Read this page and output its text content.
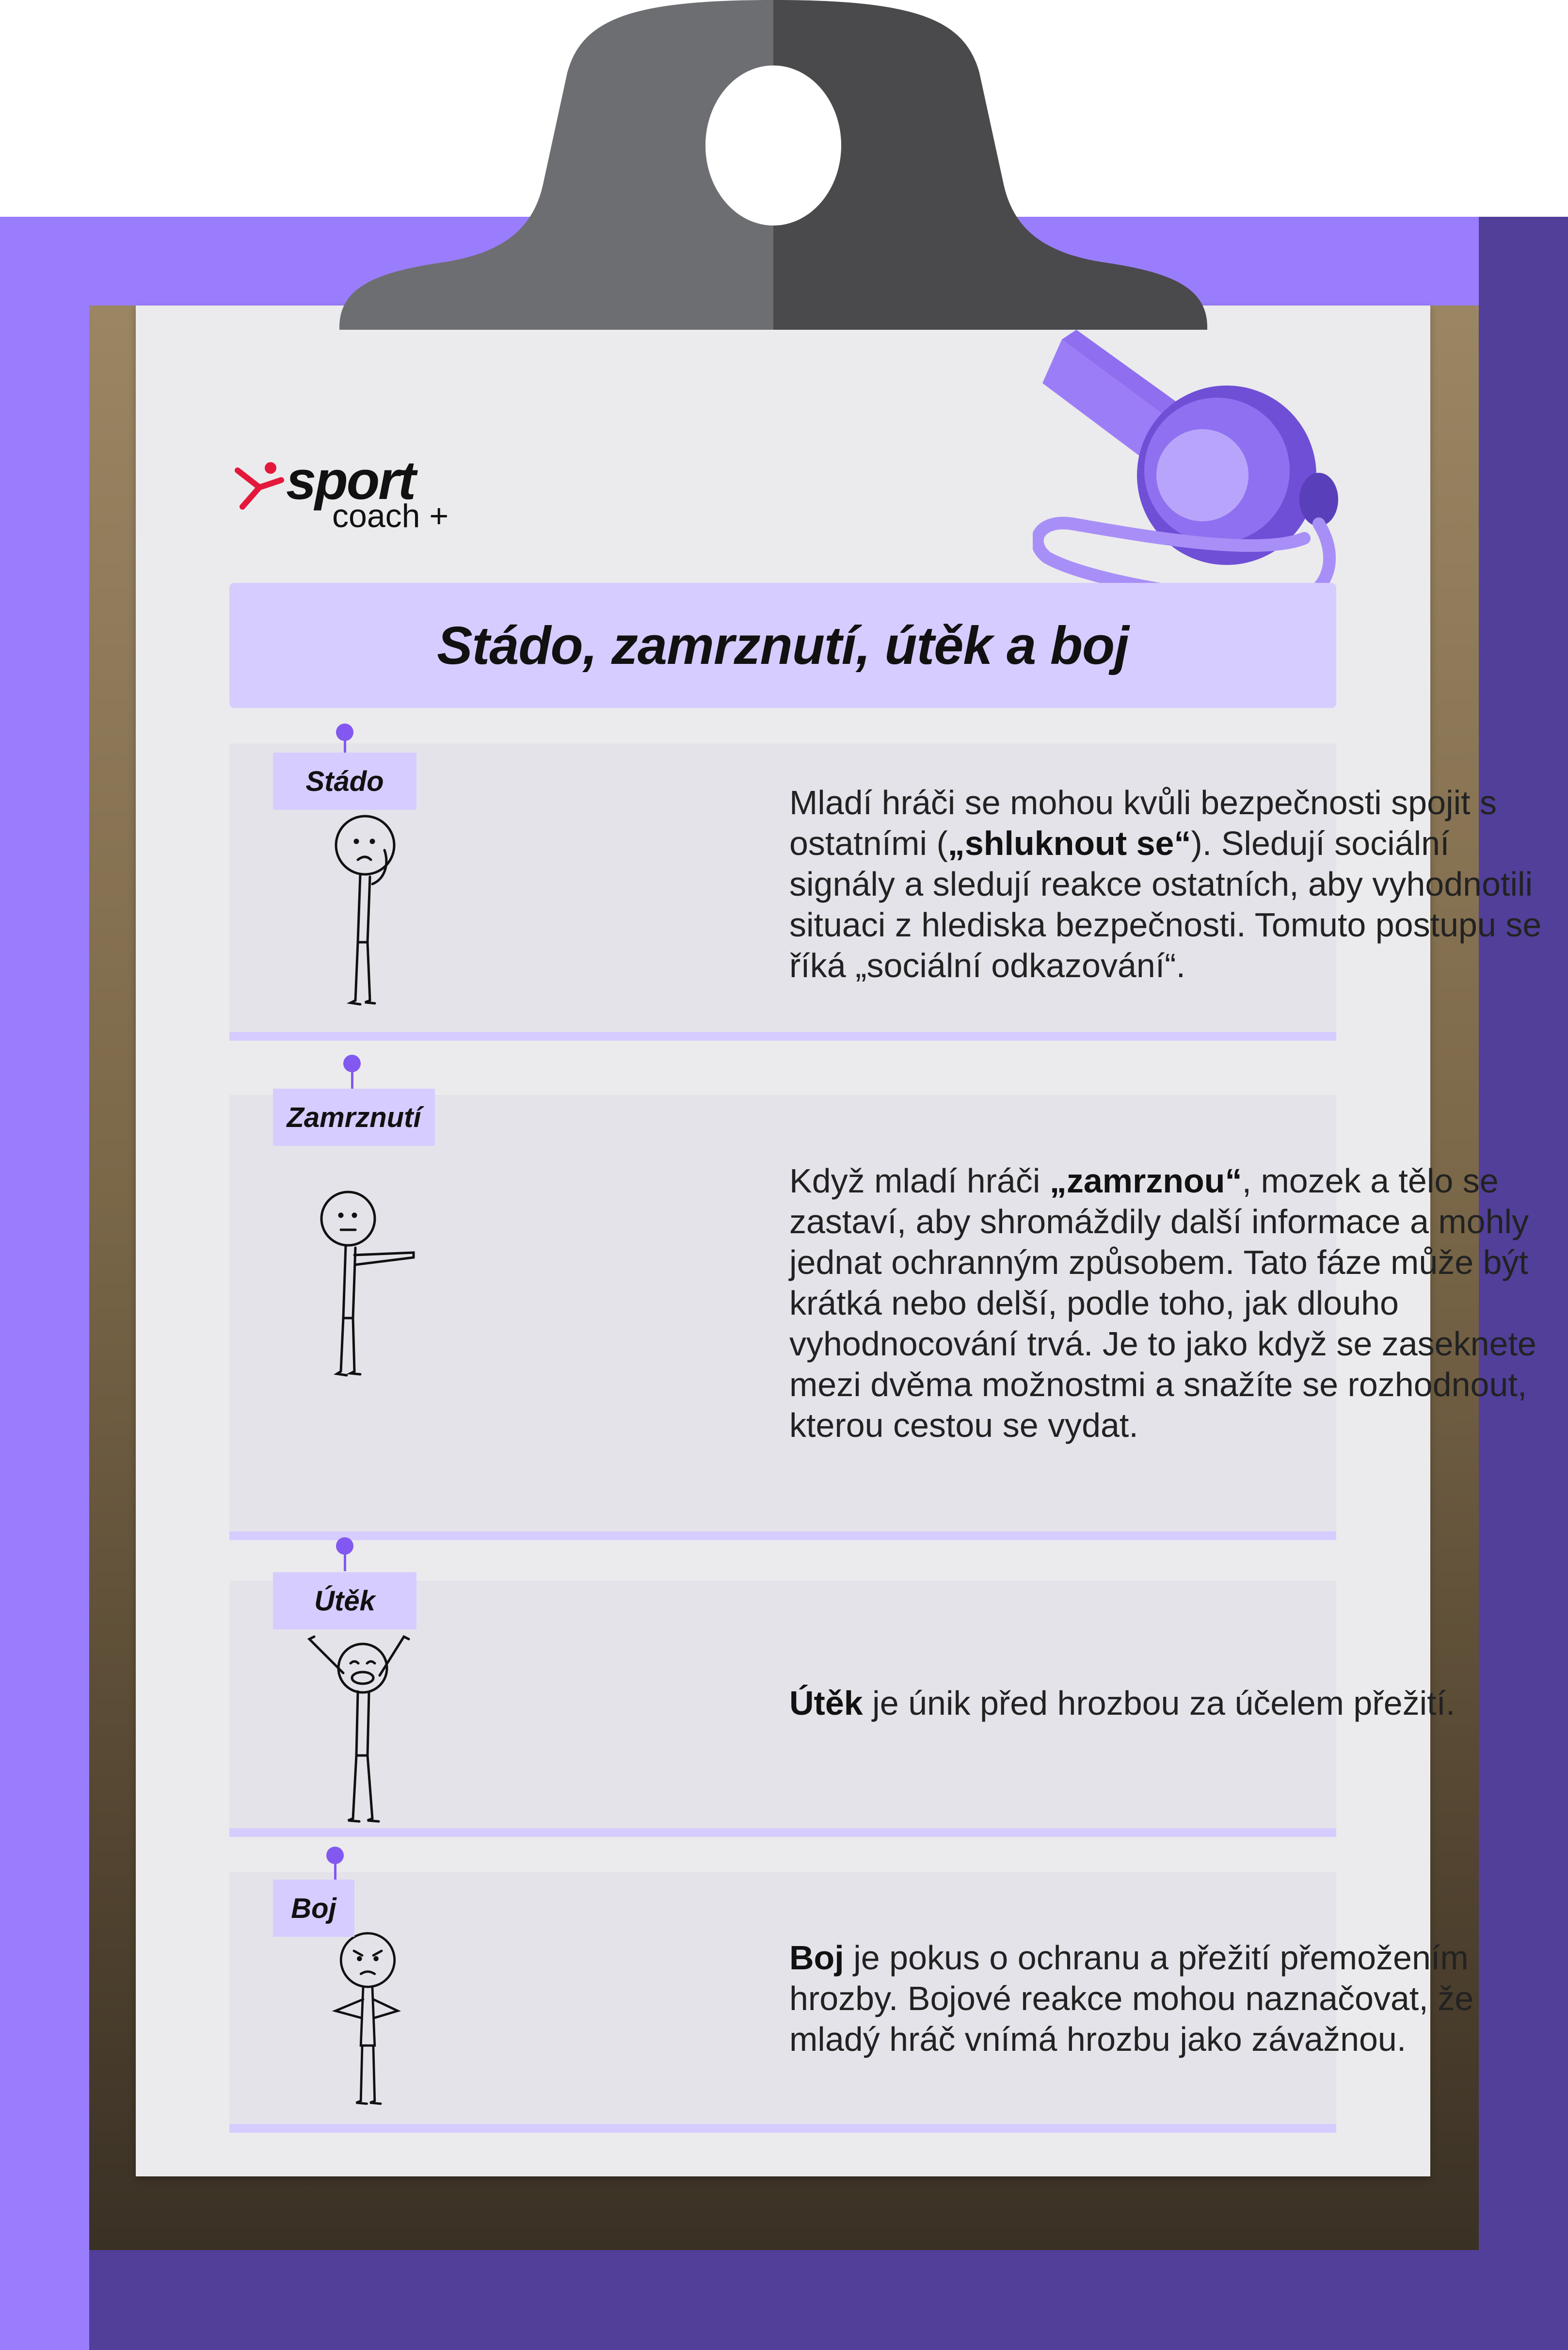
sport
coach +
Stádo, zamrznutí, útěk a boj
Mladí hráči se mohou kvůli bezpečnosti spojit s ostatními („shluknout se“). Sledují sociální signály a sledují reakce ostatních, aby vyhodnotili situaci z hlediska bezpečnosti. Tomuto postupu se říká „sociální odkazování“.
Stádo
Když mladí hráči „zamrznou“, mozek a tělo se zastaví, aby shromáždily další informace a mohly jednat ochranným způsobem. Tato fáze může být krátká nebo delší, podle toho, jak dlouho vyhodnocování trvá. Je to jako když se zaseknete mezi dvěma možnostmi a snažíte se rozhodnout, kterou cestou se vydat.
Zamrznutí
Útěk je únik před hrozbou za účelem přežití.
Útěk
Boj je pokus o ochranu a přežití přemožením hrozby. Bojové reakce mohou naznačovat, že mladý hráč vnímá hrozbu jako závažnou.
Boj
